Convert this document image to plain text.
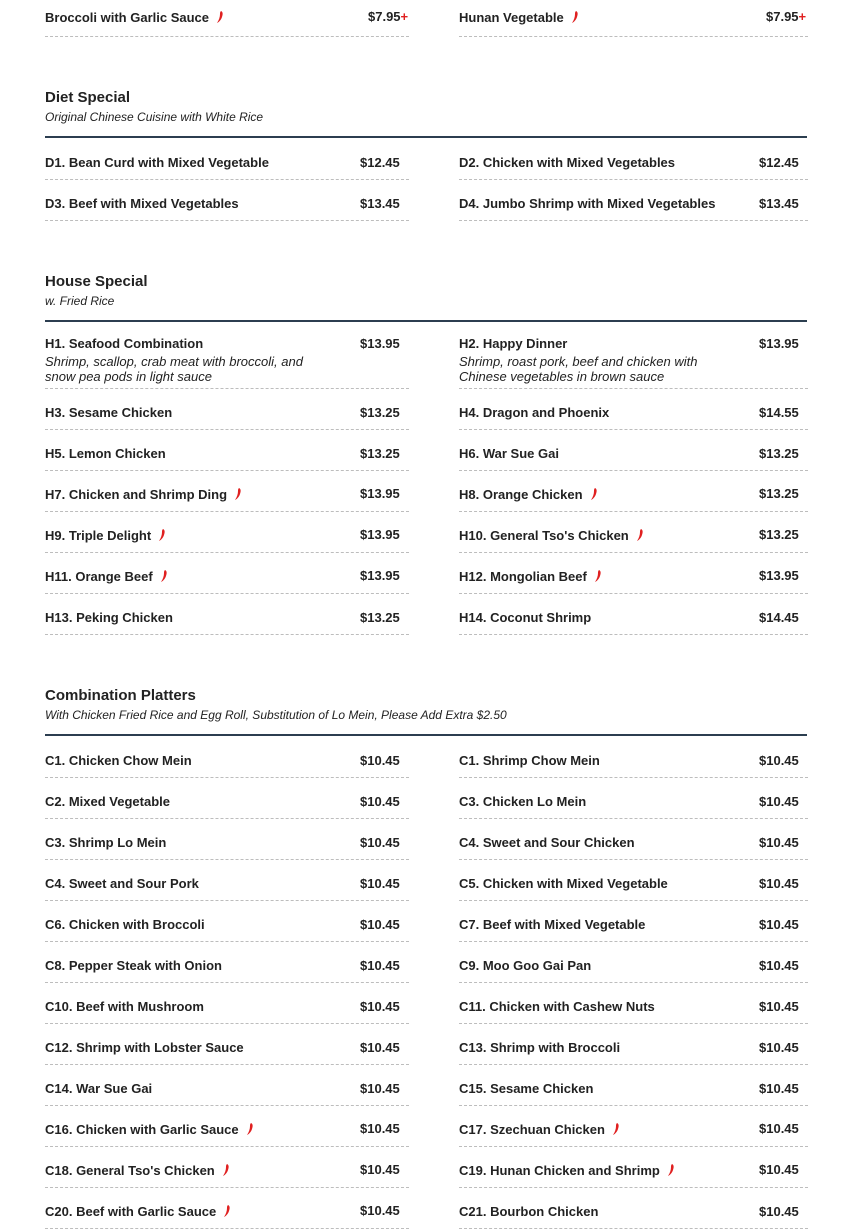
Broccoli with Garlic Sauce	$7.95+	Hunan Vegetable	$7.95+
Diet Special
Original Chinese Cuisine with White Rice
D1. Bean Curd with Mixed Vegetable	$12.45	D2. Chicken with Mixed Vegetables	$12.45
D3. Beef with Mixed Vegetables	$13.45	D4. Jumbo Shrimp with Mixed Vegetables	$13.45
House Special
w. Fried Rice
H1. Seafood Combination	$13.95
Shrimp, scallop, crab meat with broccoli, and snow pea pods in light sauce
H2. Happy Dinner	$13.95
Shrimp, roast pork, beef and chicken with Chinese vegetables in brown sauce
H3. Sesame Chicken	$13.25	H4. Dragon and Phoenix	$14.55
H5. Lemon Chicken	$13.25	H6. War Sue Gai	$13.25
H7. Chicken and Shrimp Ding	$13.95	H8. Orange Chicken	$13.25
H9. Triple Delight	$13.95	H10. General Tso's Chicken	$13.25
H11. Orange Beef	$13.95	H12. Mongolian Beef	$13.95
H13. Peking Chicken	$13.25	H14. Coconut Shrimp	$14.45
Combination Platters
With Chicken Fried Rice and Egg Roll, Substitution of Lo Mein, Please Add Extra $2.50
C1. Chicken Chow Mein	$10.45	C1. Shrimp Chow Mein	$10.45
C2. Mixed Vegetable	$10.45	C3. Chicken Lo Mein	$10.45
C3. Shrimp Lo Mein	$10.45	C4. Sweet and Sour Chicken	$10.45
C4. Sweet and Sour Pork	$10.45	C5. Chicken with Mixed Vegetable	$10.45
C6. Chicken with Broccoli	$10.45	C7. Beef with Mixed Vegetable	$10.45
C8. Pepper Steak with Onion	$10.45	C9. Moo Goo Gai Pan	$10.45
C10. Beef with Mushroom	$10.45	C11. Chicken with Cashew Nuts	$10.45
C12. Shrimp with Lobster Sauce	$10.45	C13. Shrimp with Broccoli	$10.45
C14. War Sue Gai	$10.45	C15. Sesame Chicken	$10.45
C16. Chicken with Garlic Sauce	$10.45	C17. Szechuan Chicken	$10.45
C18. General Tso's Chicken	$10.45	C19. Hunan Chicken and Shrimp	$10.45
C20. Beef with Garlic Sauce	$10.45	C21. Bourbon Chicken	$10.45
